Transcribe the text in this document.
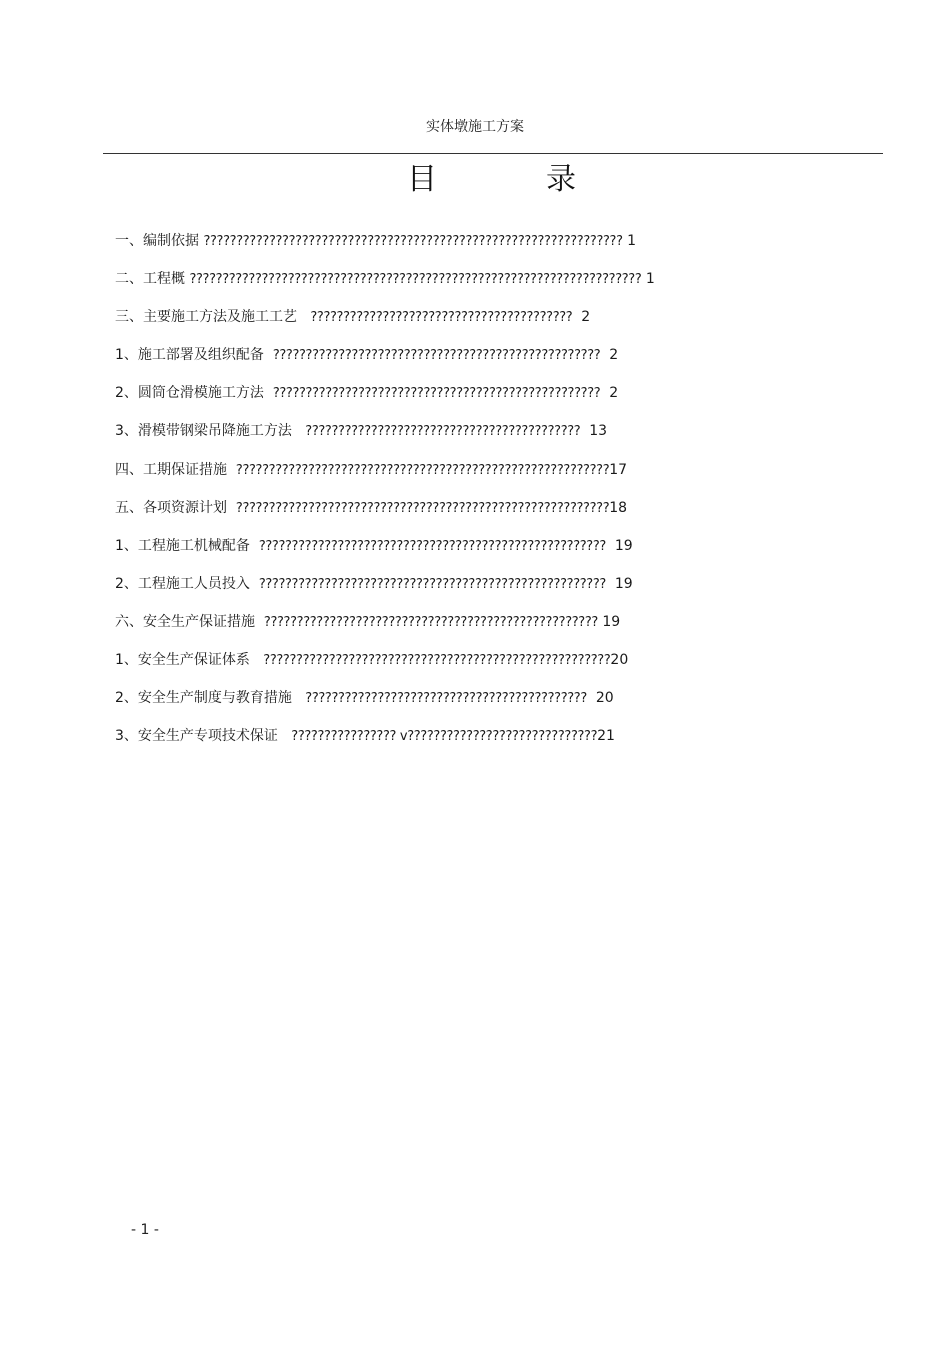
实体墩施工方案
目	录
一、编制依据 ???????????????????????????????????????????????????????????????? 1
二、工程概 ????????????????????????????????????????????????????????????????????? 1
三、主要施工方法及施工工艺   ????????????????????????????????????????  2
1、施工部署及组织配备  ??????????????????????????????????????????????????  2
2、圆筒仓滑模施工方法  ??????????????????????????????????????????????????  2
3、滑模带钢梁吊降施工方法   ??????????????????????????????????????????  13
四、工期保证措施  ?????????????????????????????????????????????????????????17
五、各项资源计划  ?????????????????????????????????????????????????????????18
1、工程施工机械配备  ?????????????????????????????????????????????????????  19
2、工程施工人员投入  ?????????????????????????????????????????????????????  19
六、安全生产保证措施  ??????????????????????????????????????????????????? 19
1、安全生产保证体系   ?????????????????????????????????????????????????????20
2、安全生产制度与教育措施   ???????????????????????????????????????????  20
3、安全生产专项技术保证   ???????????????? v?????????????????????????????21
- 1 -
